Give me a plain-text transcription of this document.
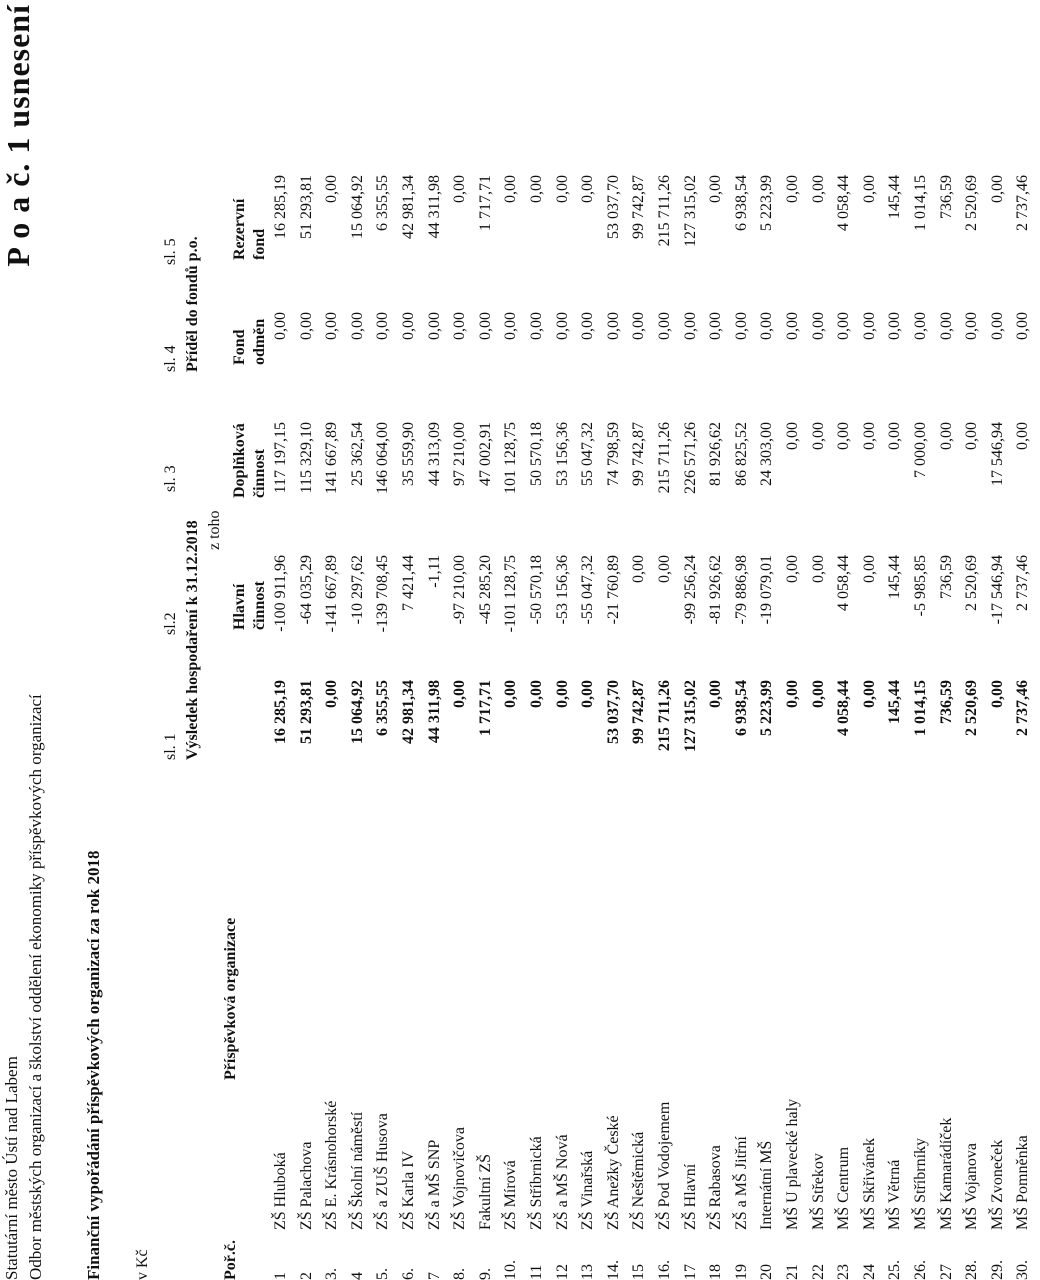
Statutární město Ústí nad Labem Odbor městských organizací a školství oddělení ekonomiky příspěvkových organizací
P o a č. 1 usnesení
Finanční vypořádání příspěvkových organizací za rok 2018 v Kč
sl. 1
sl.2
sl. 3
sl. 4
sl. 5
Výsledek hospodaření k 31.12.2018
Příděl do fondů p.o.
z toho
Poř.č.
Příspěvková organizace
Hlavní činnost
Doplňková činnost
Fond odměn
Rezervní fond
1
ZŠ Hluboká
16 285,19
-100 911,96
117 197,15
0,00
16 285,19
2
ZŠ Palachova
51 293,81
-64 035,29
115 329,10
0,00
51 293,81
3.
ZŠ E. Krásnohorské
0,00
-141 667,89
141 667,89
0,00
0,00
4
ZŠ Školní náměstí
15 064,92
-10 297,62
25 362,54
0,00
15 064,92
5.
ZŠ a ZUŠ Husova
6 355,55
-139 708,45
146 064,00
0,00
6 355,55
6.
ZŠ Karla IV
42 981,34
7 421,44
35 559,90
0,00
42 981,34
7
ZŠ a MŠ SNP
44 311,98
-1,11
44 313,09
0,00
44 311,98
8.
ZŠ Vojnovičova
0,00
-97 210,00
97 210,00
0,00
0,00
9.
Fakultní ZŠ
1 717,71
-45 285,20
47 002,91
0,00
1 717,71
10.
ZŠ Mírová
0,00
-101 128,75
101 128,75
0,00
0,00
11
ZŠ Stříbrnická
0,00
-50 570,18
50 570,18
0,00
0,00
12
ZŠ a MŠ Nová
0,00
-53 156,36
53 156,36
0,00
0,00
13
ZŠ Vinařská
0,00
-55 047,32
55 047,32
0,00
0,00
14.
ZŠ Anežky České
53 037,70
-21 760,89
74 798,59
0,00
53 037,70
15
ZŠ Neštěmická
99 742,87
0,00
99 742,87
0,00
99 742,87
16.
ZŠ Pod Vodojemem
215 711,26
0,00
215 711,26
0,00
215 711,26
17
ZŠ Hlavní
127 315,02
-99 256,24
226 571,26
0,00
127 315,02
18
ZŠ Rabasova
0,00
-81 926,62
81 926,62
0,00
0,00
19
ZŠ a MŠ Jitřní
6 938,54
-79 886,98
86 825,52
0,00
6 938,54
20
Internátní MŠ
5 223,99
-19 079,01
24 303,00
0,00
5 223,99
21
MŠ U plavecké haly
0,00
0,00
0,00
0,00
0,00
22
MŠ Střekov
0,00
0,00
0,00
0,00
0,00
23
MŠ Centrum
4 058,44
4 058,44
0,00
0,00
4 058,44
24
MŠ Skřivánek
0,00
0,00
0,00
0,00
0,00
25.
MŠ Větrná
145,44
145,44
0,00
0,00
145,44
26.
MŠ Stříbrníky
1 014,15
-5 985,85
7 000,00
0,00
1 014,15
27
MŠ Kamarádíček
736,59
736,59
0,00
0,00
736,59
28.
MŠ Vojanova
2 520,69
2 520,69
0,00
0,00
2 520,69
29.
MŠ Zvoneček
0,00
-17 546,94
17 546,94
0,00
0,00
30.
MŠ Pomněnka
2 737,46
2 737,46
0,00
0,00
2 737,46
